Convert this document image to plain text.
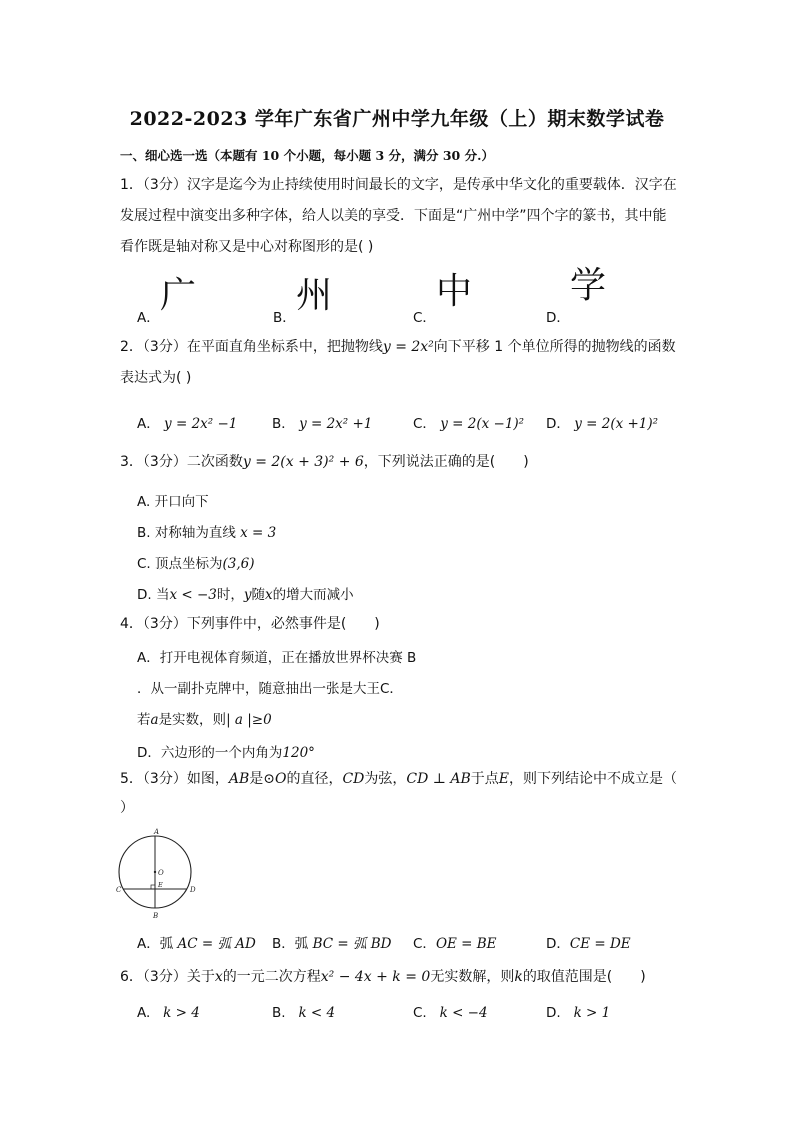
2022-2023 学年广东省广州中学九年级（上）期末数学试卷
一、细心选一选（本题有 10 个小题，每小题 3 分，满分 30 分.）
1．（3分）汉字是迄今为止持续使用时间最长的文字，是传承中华文化的重要载体．汉字在
发展过程中演变出多种字体，给人以美的享受．下面是“广州中学”四个字的篆书，其中能
看作既是轴对称又是中心对称图形的是( )
A．
广
B．
州
C．
中
D．
学
2．（3分）在平面直角坐标系中，把抛物线y = 2x²向下平移 1 个单位所得的抛物线的函数
表达式为( )
A． y = 2x² −1	B． y = 2x² +1	C． y = 2(x −1)² D． y = 2(x +1)²
3．（3分）二次函数y = 2(x + 3)² + 6，下列说法正确的是(　　)
A. 开口向下
B. 对称轴为直线 x = 3
C. 顶点坐标为(3,6)
D. 当x < −3时，y随x的增大而减小
4．（3分）下列事件中，必然事件是(　　)
A．打开电视体育频道，正在播放世界杯决赛 B
．从一副扑克牌中，随意抽出一张是大王C．
若a是实数，则| a |≥0
D．六边形的一个内角为120°
5．（3分）如图，AB是⊙O的直径，CD为弦，CD ⊥ AB于点E，则下列结论中不成立是（
）
A
B
C	D
O
E
A．弧 AC = 弧 AD B．弧 BC = 弧 BD C．OE = BE	D．CE = DE
6．（3分）关于x的一元二次方程x² − 4x + k = 0无实数解，则k的取值范围是(　　)
A. k > 4	B. k < 4	C. k < −4	D. k > 1
